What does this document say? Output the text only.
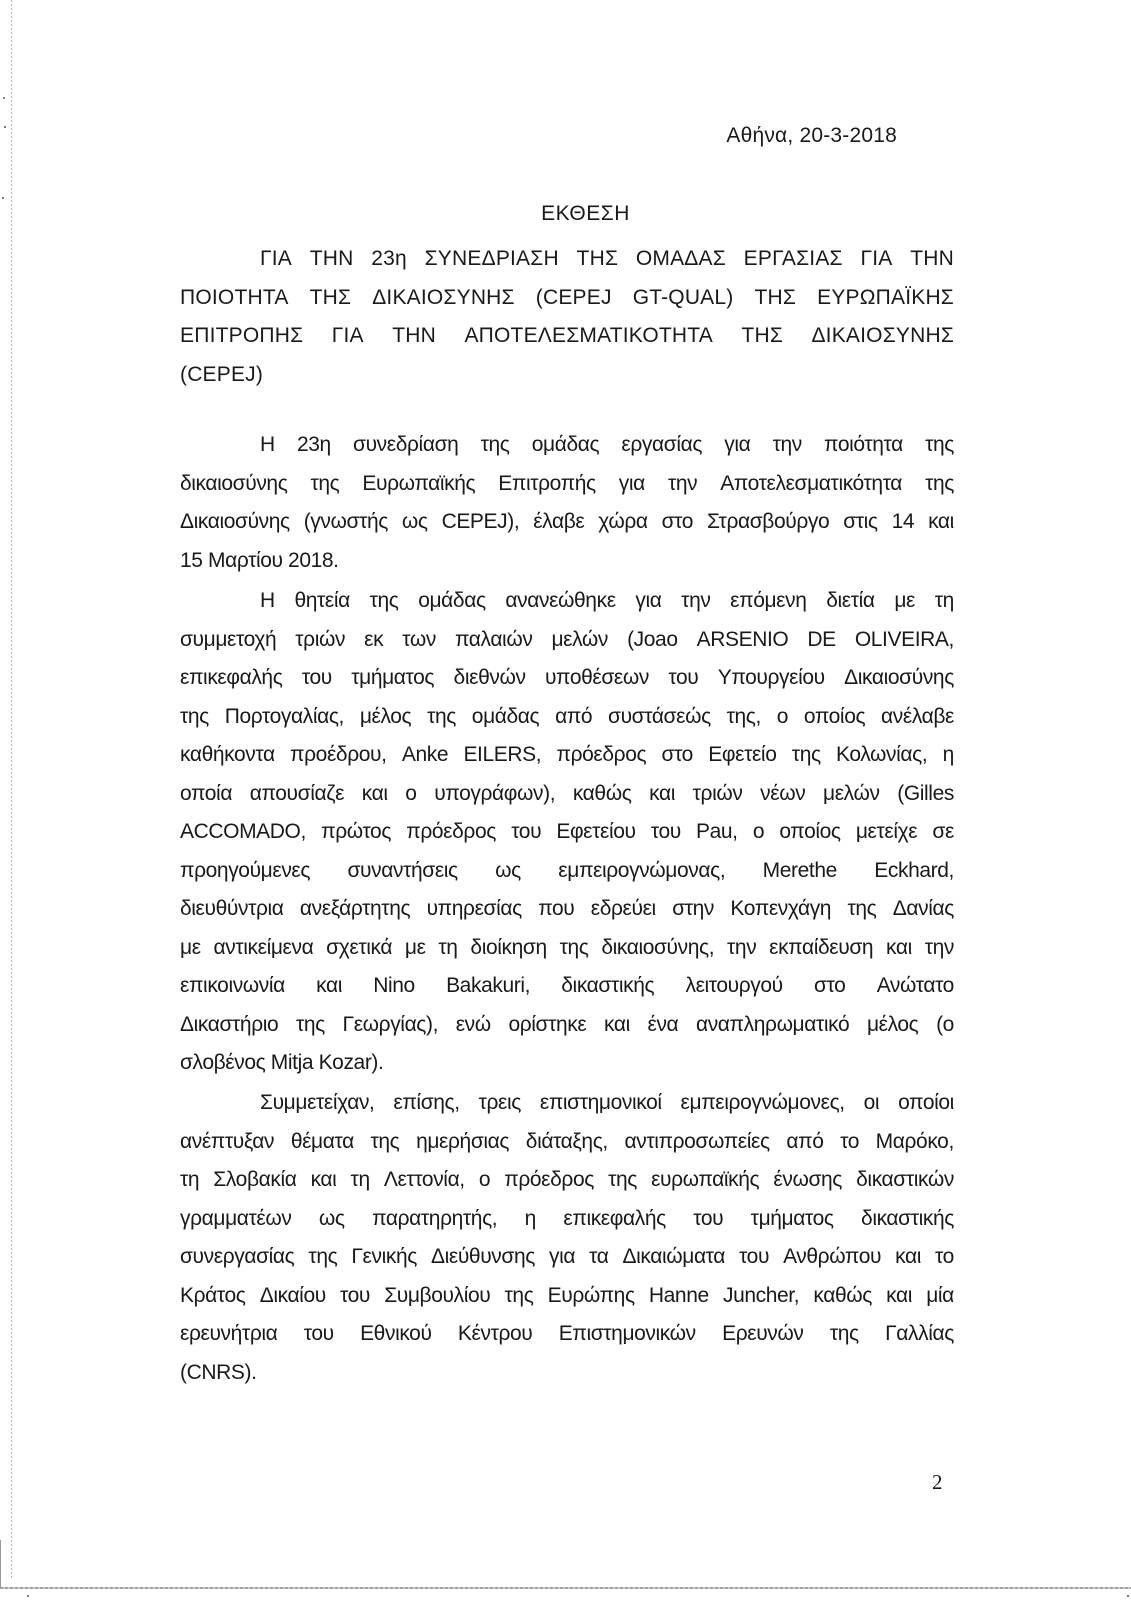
Αθήνα, 20-3-2018
ΕΚΘΕΣΗ
ΓΙΑ ΤΗΝ 23η ΣΥΝΕΔΡΙΑΣΗ ΤΗΣ ΟΜΑΔΑΣ ΕΡΓΑΣΙΑΣ ΓΙΑ ΤΗΝ
ΠΟΙΟΤΗΤΑ ΤΗΣ ΔΙΚΑΙΟΣΥΝΗΣ (CEPEJ GT-QUAL) ΤΗΣ ΕΥΡΩΠΑΪΚΗΣ
ΕΠΙΤΡΟΠΗΣ ΓΙΑ ΤΗΝ ΑΠΟΤΕΛΕΣΜΑΤΙΚΟΤΗΤΑ ΤΗΣ ΔΙΚΑΙΟΣΥΝΗΣ
(CEPEJ)
Η 23η συνεδρίαση της ομάδας εργασίας για την ποιότητα της
δικαιοσύνης της Ευρωπαϊκής Επιτροπής για την Αποτελεσματικότητα της
Δικαιοσύνης (γνωστής ως CEPEJ), έλαβε χώρα στο Στρασβούργο στις 14 και
15 Μαρτίου 2018.
Η θητεία της ομάδας ανανεώθηκε για την επόμενη διετία με τη
συμμετοχή τριών εκ των παλαιών μελών (Joao ARSENIO DE OLIVEIRA,
επικεφαλής του τμήματος διεθνών υποθέσεων του Υπουργείου Δικαιοσύνης
της Πορτογαλίας, μέλος της ομάδας από συστάσεώς της, ο οποίος ανέλαβε
καθήκοντα προέδρου, Anke EILERS, πρόεδρος στο Εφετείο της Κολωνίας, η
οποία απουσίαζε και ο υπογράφων), καθώς και τριών νέων μελών (Gilles
ACCOMADO, πρώτος πρόεδρος του Εφετείου του Pau, ο οποίος μετείχε σε
προηγούμενες συναντήσεις ως εμπειρογνώμονας, Merethe Eckhard,
διευθύντρια ανεξάρτητης υπηρεσίας που εδρεύει στην Κοπενχάγη της Δανίας
με αντικείμενα σχετικά με τη διοίκηση της δικαιοσύνης, την εκπαίδευση και την
επικοινωνία και Nino Bakakuri, δικαστικής λειτουργού στο Ανώτατο
Δικαστήριο της Γεωργίας), ενώ ορίστηκε και ένα αναπληρωματικό μέλος (ο
σλοβένος Mitja Kozar).
Συμμετείχαν, επίσης, τρεις επιστημονικοί εμπειρογνώμονες, οι οποίοι
ανέπτυξαν θέματα της ημερήσιας διάταξης, αντιπροσωπείες από το Μαρόκο,
τη Σλοβακία και τη Λεττονία, ο πρόεδρος της ευρωπαϊκής ένωσης δικαστικών
γραμματέων ως παρατηρητής, η επικεφαλής του τμήματος δικαστικής
συνεργασίας της Γενικής Διεύθυνσης για τα Δικαιώματα του Ανθρώπου και το
Κράτος Δικαίου του Συμβουλίου της Ευρώπης Hanne Juncher, καθώς και μία
ερευνήτρια του Εθνικού Κέντρου Επιστημονικών Ερευνών της Γαλλίας
(CNRS).
2
